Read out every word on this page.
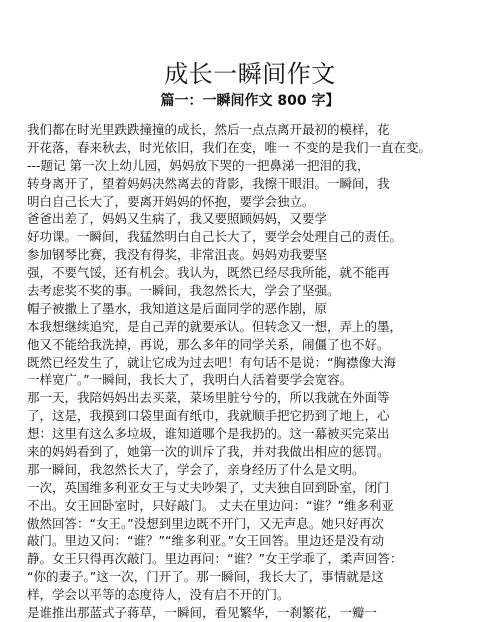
成长一瞬间作文
篇一：一瞬间作文 800 字】
我们都在时光里跌跌撞撞的成长，然后一点点离开最初的模样，花
开花落，春来秋去，时光依旧，我们在变，唯一 不变的是我们一直在变。
---题记 第一次上幼儿园，妈妈放下哭的一把鼻涕一把泪的我，
转身离开了，望着妈妈决然离去的背影，我擦干眼泪。一瞬间，我
明白自己长大了，要离开妈妈的怀抱，要学会独立。
爸爸出差了，妈妈又生病了，我又要照顾妈妈，又要学
好功课。一瞬间，我猛然明白自己长大了，要学会处理自己的责任。
参加钢琴比赛，我没有得奖，非常沮丧。妈妈劝我要坚
强，不要气馁，还有机会。我认为，既然已经尽我所能，就不能再
去考虑奖不奖的事。一瞬间，我忽然长大，学会了坚强。
帽子被撒上了墨水，我知道这是后面同学的恶作剧，原
本我想继续追究，是自己弄的就要承认。但转念又一想，弄上的墨，
他又不能给我洗掉，再说，那么多年的同学关系，闹僵了也不好。
既然已经发生了，就让它成为过去吧！有句话不是说：“胸襟像大海
一样宽广。”一瞬间，我长大了，我明白人活着要学会宽容。
那一天，我陪妈妈出去买菜，菜场里脏兮兮的，所以我就在外面等
了，这是，我摸到口袋里面有纸巾，我就顺手把它扔到了地上，心
想：这里有这么多垃圾，谁知道哪个是我扔的。这一幕被买完菜出
来的妈妈看到了，她第一次的训斥了我，并对我做出相应的惩罚。
那一瞬间，我忽然长大了，学会了，亲身经历了什么是文明。
一次，英国维多利亚女王与丈夫吵架了，丈夫独自回到卧室，闭门
不出。女王回卧室时，只好敲门。 丈夫在里边问：“谁？”维多利亚
傲然回答：“女王。”没想到里边既不开门，又无声息。她只好再次
敲门。里边又问：“谁？”“维多利亚。”女王回答。里边还是没有动
静。女王只得再次敲门。里边再问：“谁？”女王学乖了，柔声回答：
“你的妻子。”这一次，门开了。那一瞬间，我长大了，事情就是这
样，学会以平等的态度待人，没有启不开的门。
是谁推出那蓝式子蒋草，一瞬间，看见繁华，一刹繁花，一瓣一
